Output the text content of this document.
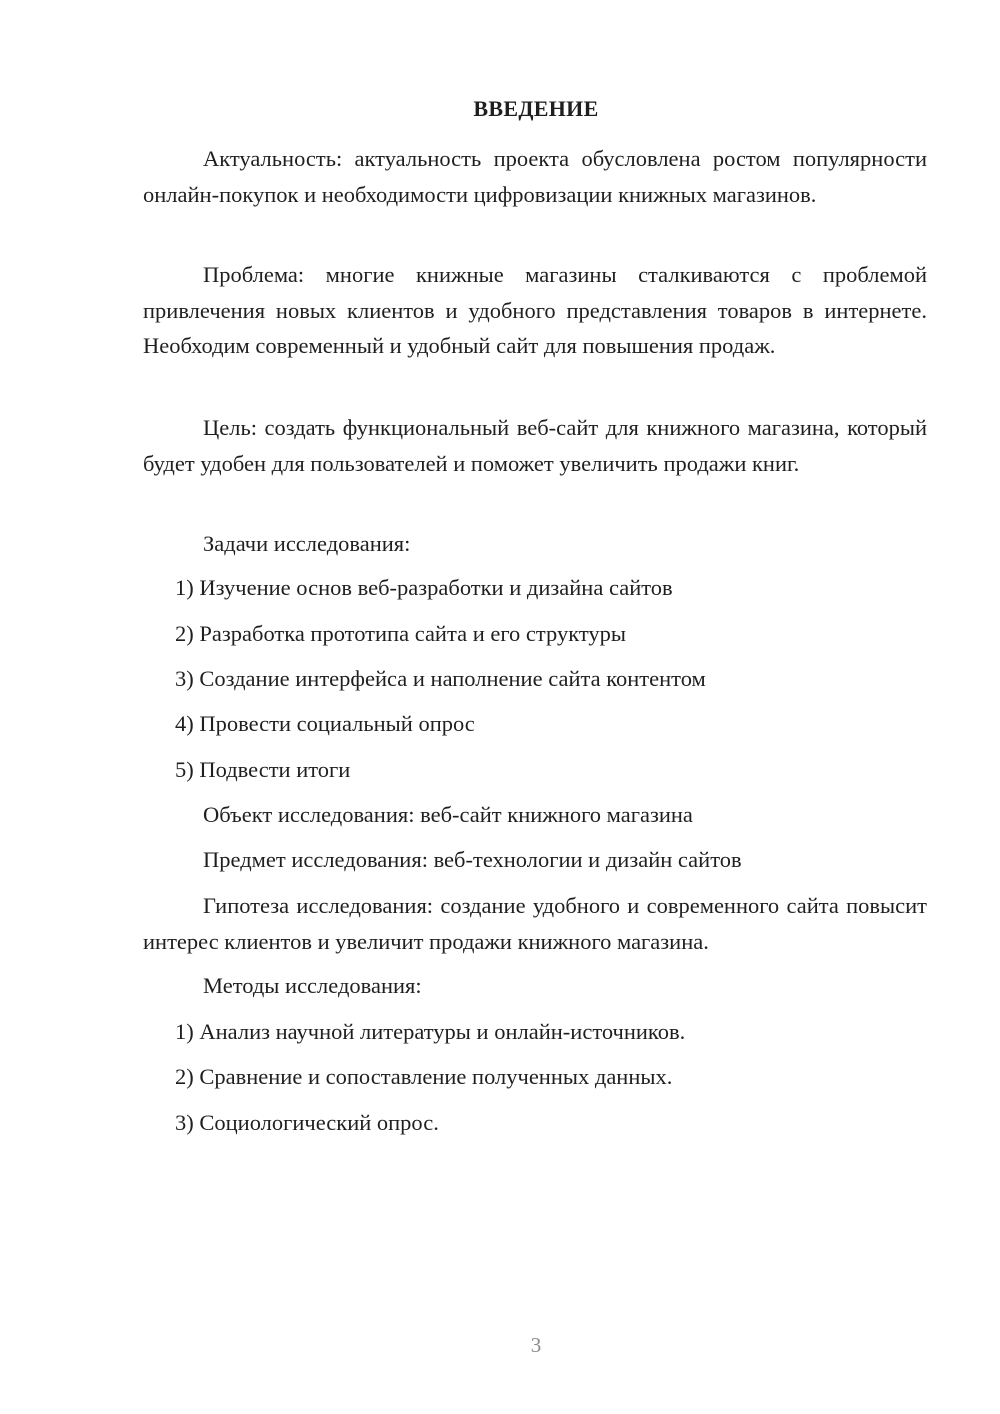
ВВЕДЕНИЕ

Актуальность: актуальность проекта обусловлена ростом популярности онлайн-покупок и необходимости цифровизации книжных магазинов.

Проблема: многие книжные магазины сталкиваются с проблемой привлечения новых клиентов и удобного представления товаров в интернете. Необходим современный и удобный сайт для повышения продаж.

Цель: создать функциональный веб-сайт для книжного магазина, который будет удобен для пользователей и поможет увеличить продажи книг.

Задачи исследования:

1) Изучение основ веб-разработки и дизайна сайтов

2) Разработка прототипа сайта и его структуры

3) Создание интерфейса и наполнение сайта контентом

4) Провести социальный опрос

5) Подвести итоги

Объект исследования: веб-сайт книжного магазина

Предмет исследования: веб-технологии и дизайн сайтов

Гипотеза исследования: создание удобного и современного сайта повысит интерес клиентов и увеличит продажи книжного магазина.

Методы исследования:

1) Анализ научной литературы и онлайн-источников.

2) Сравнение и сопоставление полученных данных.

3) Социологический опрос.

3
